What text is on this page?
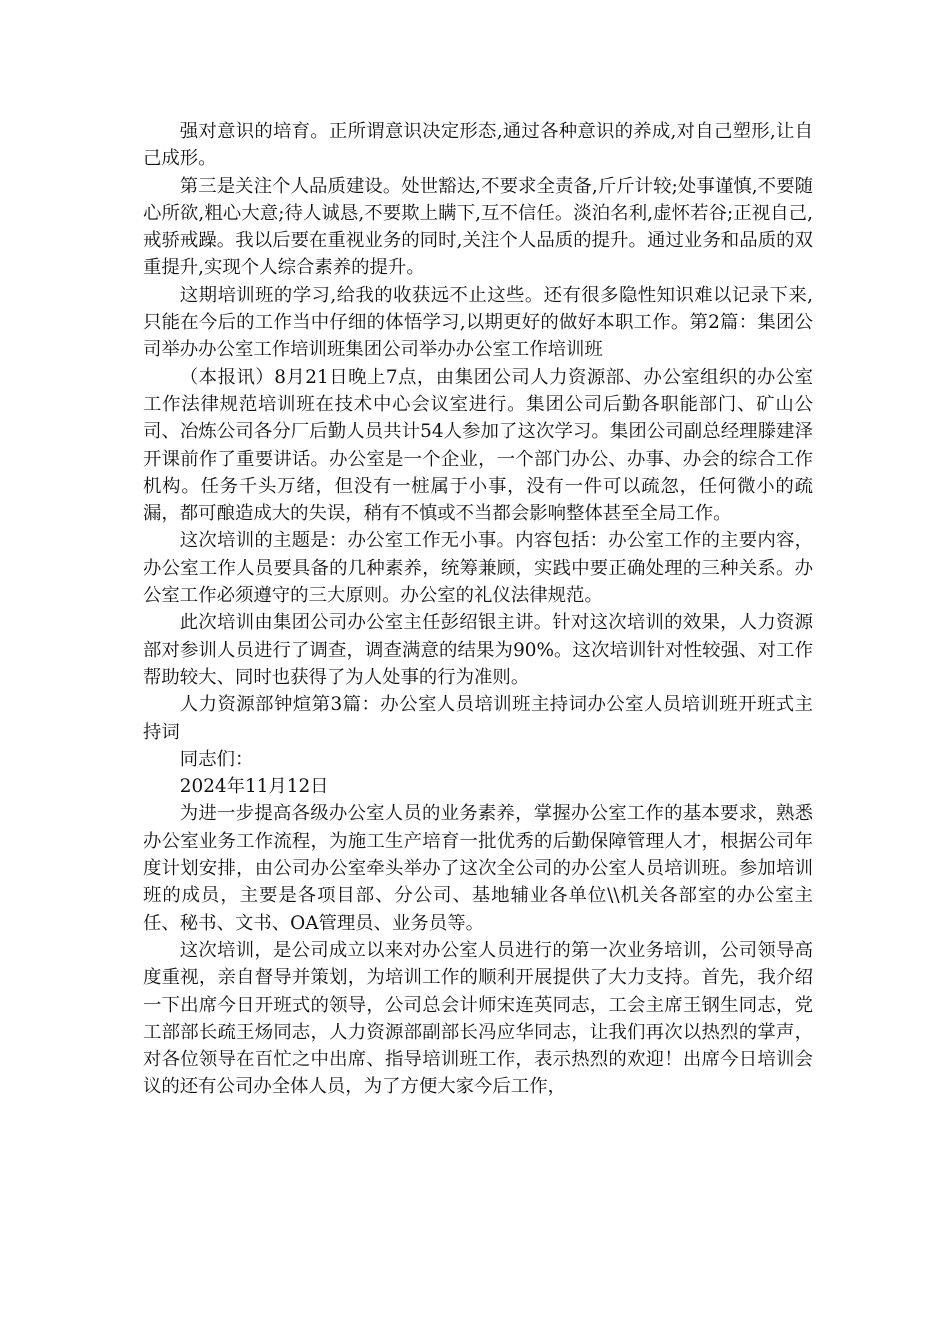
强对意识的培育。正所谓意识决定形态,通过各种意识的养成,对自己塑形,让自己成形。

第三是关注个人品质建设。处世豁达,不要求全责备,斤斤计较;处事谨慎,不要随心所欲,粗心大意;待人诚恳,不要欺上瞒下,互不信任。淡泊名利,虚怀若谷;正视自己,戒骄戒躁。我以后要在重视业务的同时,关注个人品质的提升。通过业务和品质的双重提升,实现个人综合素养的提升。

这期培训班的学习,给我的收获远不止这些。还有很多隐性知识难以记录下来,只能在今后的工作当中仔细的体悟学习,以期更好的做好本职工作。第2篇：集团公司举办办公室工作培训班集团公司举办办公室工作培训班

（本报讯）8月21日晚上7点，由集团公司人力资源部、办公室组织的办公室工作法律规范培训班在技术中心会议室进行。集团公司后勤各职能部门、矿山公司、冶炼公司各分厂后勤人员共计54人参加了这次学习。集团公司副总经理滕建泽开课前作了重要讲话。办公室是一个企业，一个部门办公、办事、办会的综合工作机构。任务千头万绪，但没有一桩属于小事，没有一件可以疏忽，任何微小的疏漏，都可酿造成大的失误，稍有不慎或不当都会影响整体甚至全局工作。

这次培训的主题是：办公室工作无小事。内容包括：办公室工作的主要内容，办公室工作人员要具备的几种素养，统筹兼顾，实践中要正确处理的三种关系。办公室工作必须遵守的三大原则。办公室的礼仪法律规范。

此次培训由集团公司办公室主任彭绍银主讲。针对这次培训的效果，人力资源部对参训人员进行了调查，调查满意的结果为90%。这次培训针对性较强、对工作帮助较大、同时也获得了为人处事的行为准则。

人力资源部钟煊第3篇：办公室人员培训班主持词办公室人员培训班开班式主持词

同志们：

2024年11月12日

为进一步提高各级办公室人员的业务素养，掌握办公室工作的基本要求，熟悉办公室业务工作流程，为施工生产培育一批优秀的后勤保障管理人才，根据公司年度计划安排，由公司办公室牵头举办了这次全公司的办公室人员培训班。参加培训班的成员，主要是各项目部、分公司、基地辅业各单位\\机关各部室的办公室主任、秘书、文书、OA管理员、业务员等。

这次培训，是公司成立以来对办公室人员进行的第一次业务培训，公司领导高度重视，亲自督导并策划，为培训工作的顺利开展提供了大力支持。首先，我介绍一下出席今日开班式的领导，公司总会计师宋连英同志，工会主席王钢生同志，党工部部长疏王炀同志，人力资源部副部长冯应华同志，让我们再次以热烈的掌声，对各位领导在百忙之中出席、指导培训班工作，表示热烈的欢迎！出席今日培训会议的还有公司办全体人员，为了方便大家今后工作，
